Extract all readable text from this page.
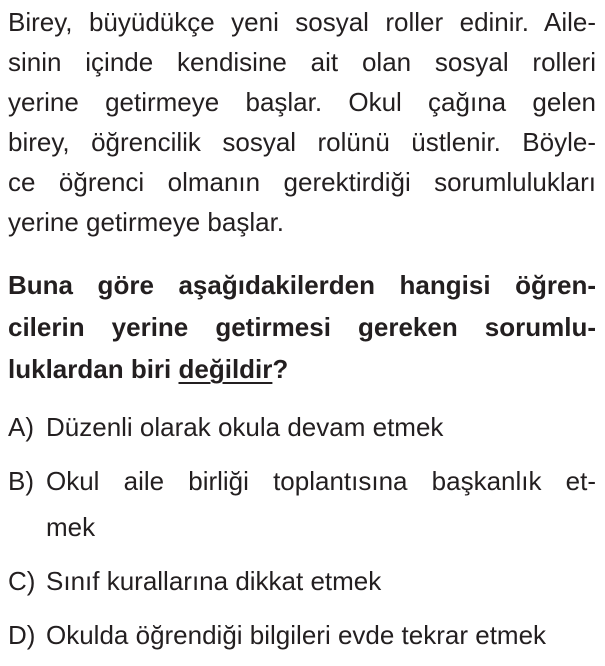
Birey, büyüdükçe yeni sosyal roller edinir. Aile-
sinin içinde kendisine ait olan sosyal rolleri
yerine getirmeye başlar. Okul çağına gelen
birey, öğrencilik sosyal rolünü üstlenir. Böyle-
ce öğrenci olmanın gerektirdiği sorumlulukları
yerine getirmeye başlar.
Buna göre aşağıdakilerden hangisi öğren-
cilerin yerine getirmesi gereken sorumlu-
luklardan biri değildir?
A) Düzenli olarak okula devam etmek
B) Okul aile birliği toplantısına başkanlık et-
mek
C) Sınıf kurallarına dikkat etmek
D) Okulda öğrendiği bilgileri evde tekrar etmek
